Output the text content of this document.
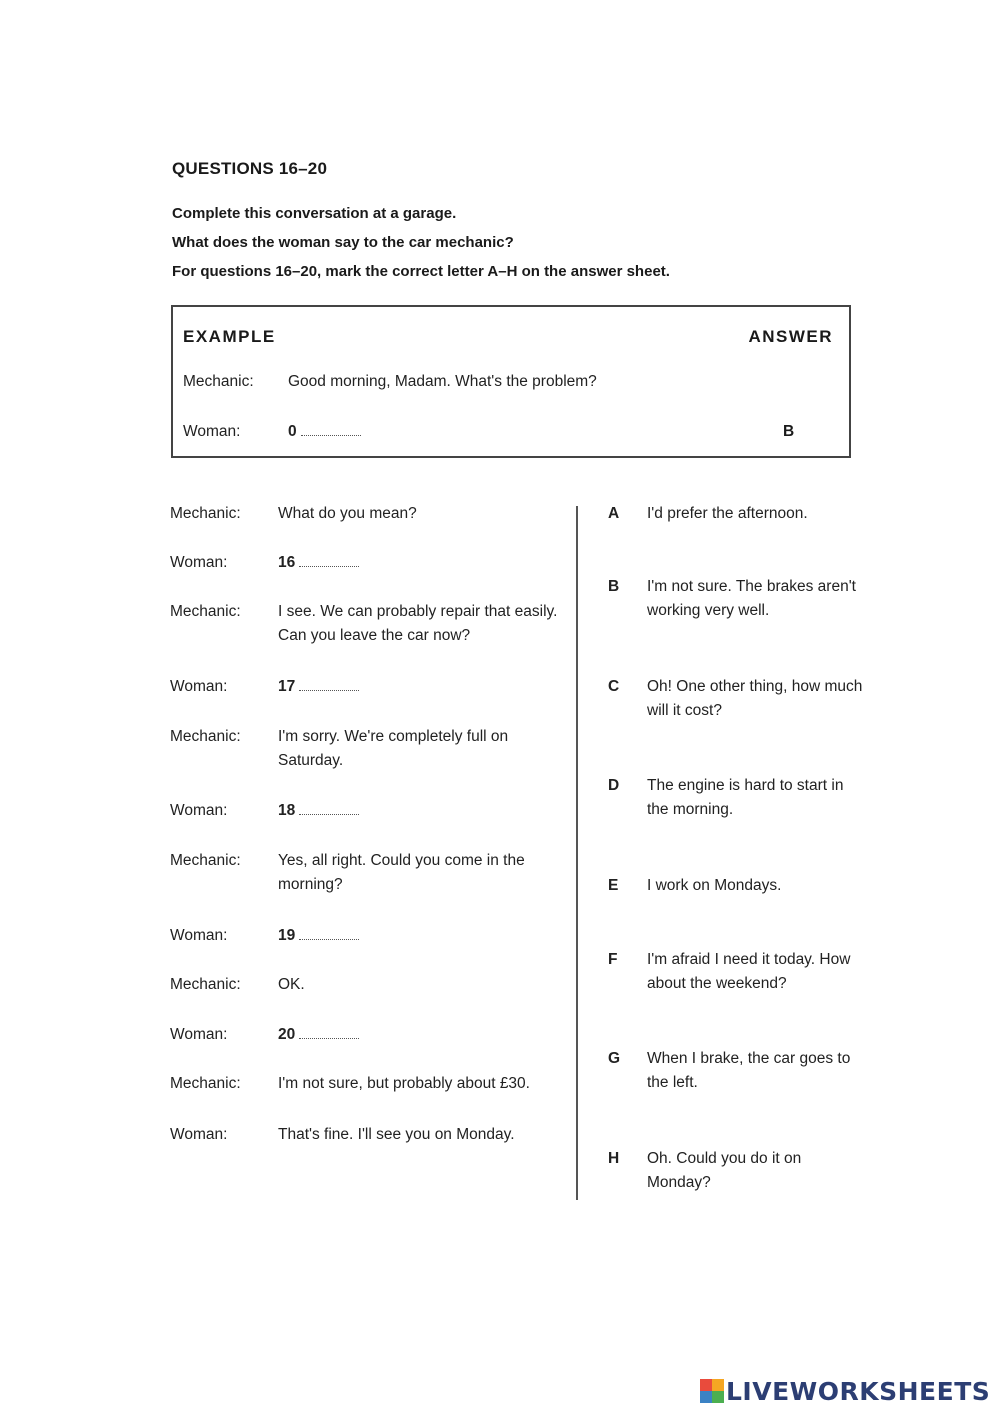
QUESTIONS 16–20
Complete this conversation at a garage.
What does the woman say to the car mechanic?
For questions 16–20, mark the correct letter A–H on the answer sheet.
EXAMPLE	ANSWER
Mechanic: Good morning, Madam. What's the problem?
Woman:	0	B
Mechanic: What do you mean?
Woman:	16
Mechanic: I see. We can probably repair that easily. Can you leave the car now?
Woman:	17
Mechanic: I'm sorry. We're completely full on Saturday.
Woman:	18
Mechanic: Yes, all right. Could you come in the morning?
Woman:	19
Mechanic: OK.
Woman:	20
Mechanic: I'm not sure, but probably about £30.
Woman:	That's fine. I'll see you on Monday.
A I'd prefer the afternoon.
B I'm not sure. The brakes aren't working very well.
C Oh! One other thing, how much will it cost?
D The engine is hard to start in the morning.
E I work on Mondays.
F I'm afraid I need it today. How about the weekend?
G When I brake, the car goes to the left.
H Oh. Could you do it on Monday?
LIVEWORKSHEETS
